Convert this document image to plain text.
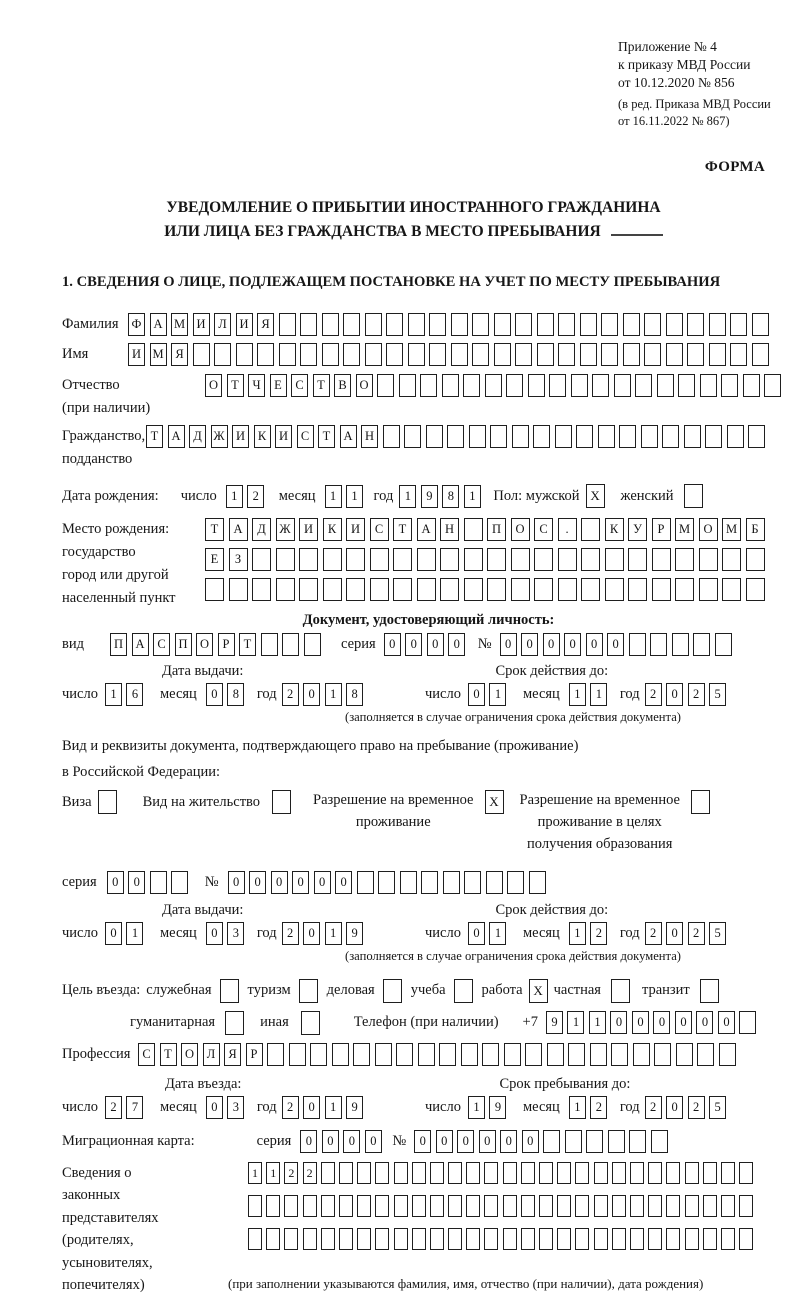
Приложение № 4
к приказу МВД России
от 10.12.2020 № 856
(в ред. Приказа МВД России
от 16.11.2022 № 867)
ФОРМА
УВЕДОМЛЕНИЕ О ПРИБЫТИИ ИНОСТРАННОГО ГРАЖДАНИНА
ИЛИ ЛИЦА БЕЗ ГРАЖДАНСТВА В МЕСТО ПРЕБЫВАНИЯ
1. СВЕДЕНИЯ О ЛИЦЕ, ПОДЛЕЖАЩЕМ ПОСТАНОВКЕ НА УЧЕТ ПО МЕСТУ ПРЕБЫВАНИЯ
Фамилия	Ф А М И	Л	И	Я
Имя	И М Я
Отчество
(при наличии)
О	Т	Ч	Е	С	Т	В	О
Гражданство,
подданство
Т	А	Д Ж И	К	И	С	Т	А Н
Дата рождения: число	1	2	месяц	1	1	год 1	9	8	1	Пол: мужской X	женский
Место рождения:
государство
город или другой
населенный пункт
Т	А	Д	Ж	И	К	И	С	Т	А	Н	П	О	С	.	К	У	Р	М	О	М	Б
Е	З
Документ, удостоверяющий личность:
вид	П А	С	П О	Р	Т	серия	0	0	0	0	№	0	0	0	0	0	0
Дата выдачи:	Срок действия до:
число 1	6	месяц	0	8	год 2	0	1	8	число 0	1	месяц	1	1	год 2	0	2	5
(заполняется в случае ограничения срока действия документа)
Вид и реквизиты документа, подтверждающего право на пребывание (проживание)
в Российской Федерации:
Виза	Вид на жительство	Разрешение на временное
проживание
X	Разрешение на временное
проживание в целях
получения образования
серия	0	0	№	0	0	0	0	0	0
Дата выдачи:	Срок действия до:
число 0	1	месяц	0	3	год 2	0	1	9	число 0	1	месяц	1	2	год 2	0	2	5
(заполняется в случае ограничения срока действия документа)
Цель въезда: служебная туризм деловая учеба работа X частная	транзит
гуманитарная	иная	Телефон (при наличии) +7	9	1	1	0	0	0	0	0	0
Профессия С	Т	О	Л	Я	Р
Дата въезда:	Срок пребывания до:
число 2	7	месяц	0	3	год 2	0	1	9	число 1	9	месяц	1	2	год 2	0	2	5
Миграционная карта:	серия	0	0	0	0	№	0	0	0	0	0	0
Сведения о
законных
представителях
(родителях,
усыновителях,
попечителях)
1	1	2	2
(при заполнении указываются фамилия, имя, отчество (при наличии), дата рождения)
